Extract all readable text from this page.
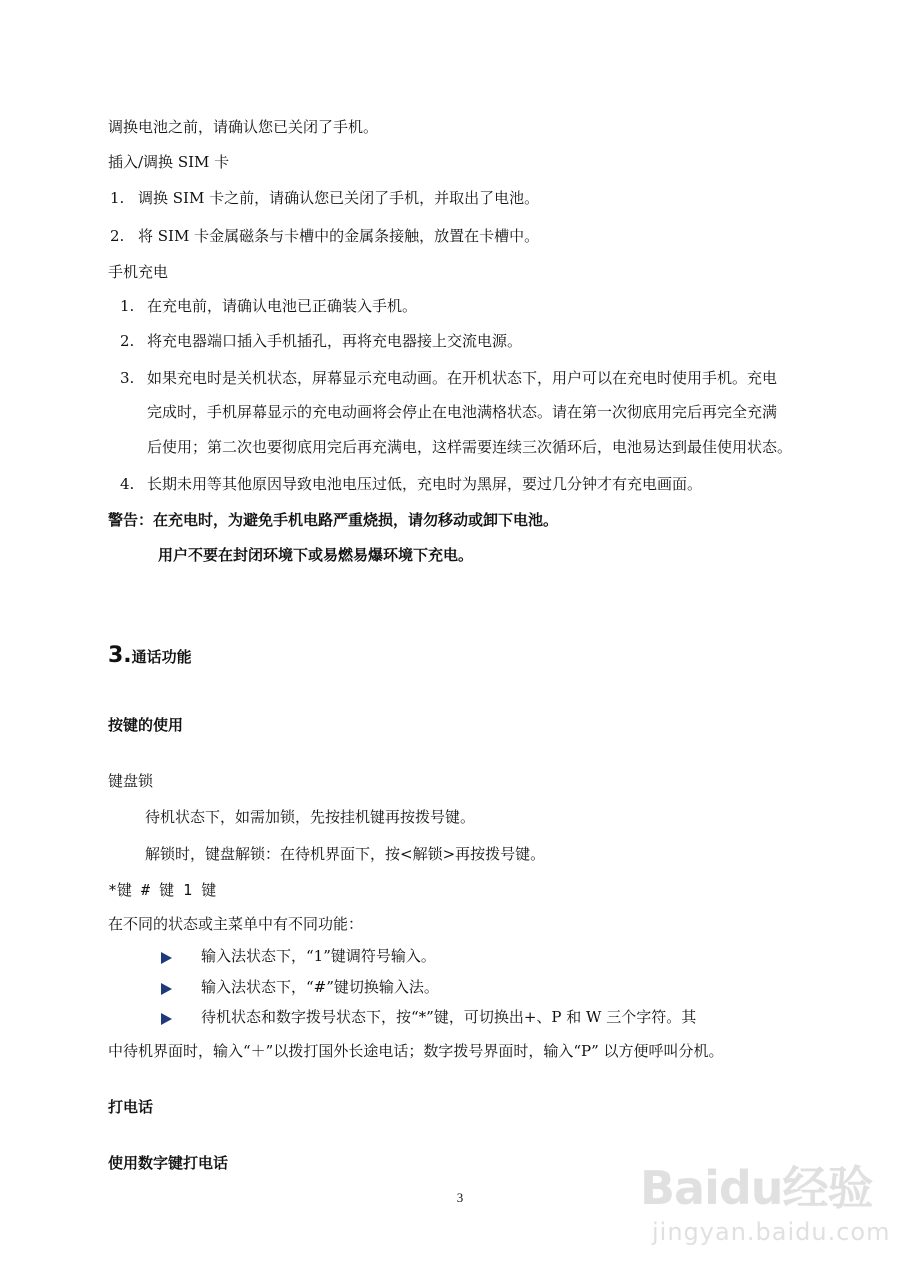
调换电池之前，请确认您已关闭了手机。
插入/调换 SIM 卡
1. 调换 SIM 卡之前，请确认您已关闭了手机，并取出了电池。
2. 将 SIM 卡金属磁条与卡槽中的金属条接触，放置在卡槽中。
手机充电
1. 在充电前，请确认电池已正确装入手机。
2. 将充电器端口插入手机插孔，再将充电器接上交流电源。
3. 如果充电时是关机状态，屏幕显示充电动画。在开机状态下，用户可以在充电时使用手机。充电
完成时，手机屏幕显示的充电动画将会停止在电池满格状态。请在第一次彻底用完后再完全充满
后使用；第二次也要彻底用完后再充满电，这样需要连续三次循环后，电池易达到最佳使用状态。
4. 长期未用等其他原因导致电池电压过低，充电时为黑屏，要过几分钟才有充电画面。
警告：在充电时，为避免手机电路严重烧损，请勿移动或卸下电池。
用户不要在封闭环境下或易燃易爆环境下充电。
3.通话功能
按键的使用
键盘锁
待机状态下，如需加锁，先按挂机键再按拨号键。
解锁时，键盘解锁：在待机界面下，按<解锁>再按拨号键。
*键 # 键 1 键
在不同的状态或主菜单中有不同功能：
输入法状态下，“1”键调符号输入。
输入法状态下，“#”键切换输入法。
待机状态和数字拨号状态下，按“*”键，可切换出+、P 和 W 三个字符。其
中待机界面时，输入“＋”以拨打国外长途电话；数字拨号界面时，输入“P” 以方便呼叫分机。
打电话
使用数字键打电话
3	Baidu经验
jingyan.baidu.com
